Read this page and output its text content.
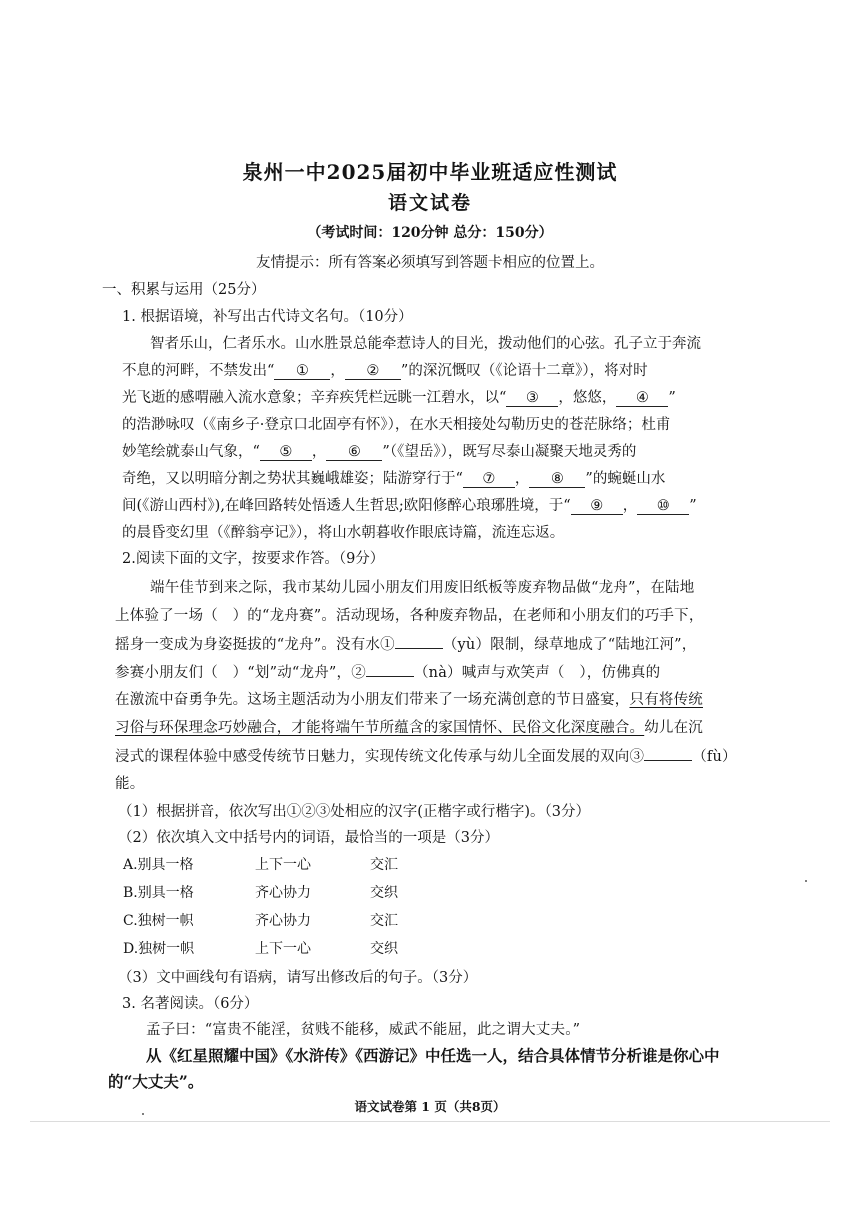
泉州一中2025届初中毕业班适应性测试
语文试卷
（考试时间：120分钟 总分：150分）
友情提示：所有答案必须填写到答题卡相应的位置上。
一、积累与运用（25分）
1. 根据语境，补写出古代诗文名句。（10分）
智者乐山，仁者乐水。山水胜景总能牵惹诗人的目光，拨动他们的心弦。孔子立于奔流
不息的河畔，不禁发出“ ① ， ② ”的深沉慨叹（《论语十二章》），将对时
光飞逝的感喟融入流水意象；辛弃疾凭栏远眺一江碧水，以“ ③ ，悠悠， ④ ”
的浩渺咏叹（《南乡子·登京口北固亭有怀》），在水天相接处勾勒历史的苍茫脉络；杜甫
妙笔绘就泰山气象，“ ⑤ ， ⑥ ”（《望岳》），既写尽泰山凝聚天地灵秀的
奇绝，又以明暗分割之势状其巍峨雄姿；陆游穿行于“ ⑦ ， ⑧ ”的蜿蜒山水
间(《游山西村》),在峰回路转处悟透人生哲思;欧阳修醉心琅琊胜境，于“ ⑨ ， ⑩ ”
的晨昏变幻里（《醉翁亭记》），将山水朝暮收作眼底诗篇，流连忘返。
2.阅读下面的文字，按要求作答。（9分）
端午佳节到来之际，我市某幼儿园小朋友们用废旧纸板等废弃物品做“龙舟”，在陆地
上体验了一场（　）的“龙舟赛”。活动现场，各种废弃物品，在老师和小朋友们的巧手下，
摇身一变成为身姿挺拔的“龙舟”。没有水①	（yù）限制，绿草地成了“陆地江河”，
参赛小朋友们（　）“划”动“龙舟”，②	（nà）喊声与欢笑声（　），仿佛真的
在激流中奋勇争先。这场主题活动为小朋友们带来了一场充满创意的节日盛宴，只有将传统
习俗与环保理念巧妙融合，才能将端午节所蕴含的家国情怀、民俗文化深度融合。幼儿在沉
浸式的课程体验中感受传统节日魅力，实现传统文化传承与幼儿全面发展的双向③	（fù）
能。
（1）根据拼音，依次写出①②③处相应的汉字(正楷字或行楷字)。（3分）
（2）依次填入文中括号内的词语，最恰当的一项是（3分）
A.别具一格	上下一心	交汇
B.别具一格	齐心协力	交织
C.独树一帜	齐心协力	交汇
D.独树一帜	上下一心	交织
（3）文中画线句有语病，请写出修改后的句子。（3分）
3. 名著阅读。（6分）
孟子曰：“富贵不能淫，贫贱不能移，威武不能屈，此之谓大丈夫。”
从《红星照耀中国》《水浒传》《西游记》中任选一人，结合具体情节分析谁是你心中
的“大丈夫”。
语文试卷第 1 页（共8页）
